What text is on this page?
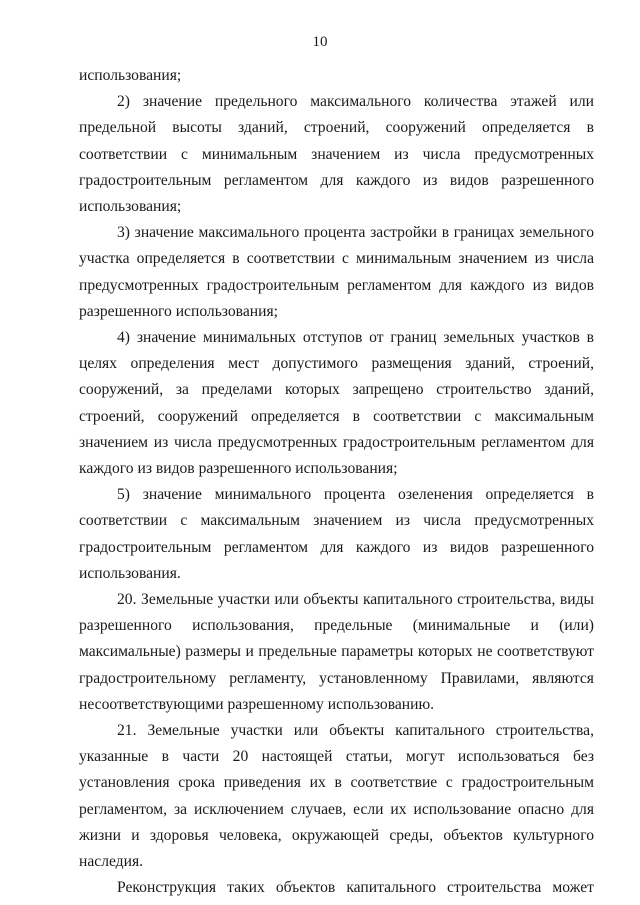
10

использования;

2) значение предельного максимального количества этажей или предельной высоты зданий, строений, сооружений определяется в соответствии с минимальным значением из числа предусмотренных градостроительным регламентом для каждого из видов разрешенного использования;

3) значение максимального процента застройки в границах земельного участка определяется в соответствии с минимальным значением из числа предусмотренных градостроительным регламентом для каждого из видов разрешенного использования;

4) значение минимальных отступов от границ земельных участков в целях определения мест допустимого размещения зданий, строений, сооружений, за пределами которых запрещено строительство зданий, строений, сооружений определяется в соответствии с максимальным значением из числа предусмотренных градостроительным регламентом для каждого из видов разрешенного использования;

5) значение минимального процента озеленения определяется в соответствии с максимальным значением из числа предусмотренных градостроительным регламентом для каждого из видов разрешенного использования.

20. Земельные участки или объекты капитального строительства, виды разрешенного использования, предельные (минимальные и (или) максимальные) размеры и предельные параметры которых не соответствуют градостроительному регламенту, установленному Правилами, являются несоответствующими разрешенному использованию.

21. Земельные участки или объекты капитального строительства, указанные в части 20 настоящей статьи, могут использоваться без установления срока приведения их в соответствие с градостроительным регламентом, за исключением случаев, если их использование опасно для жизни и здоровья человека, окружающей среды, объектов культурного наследия.

Реконструкция таких объектов капитального строительства может
